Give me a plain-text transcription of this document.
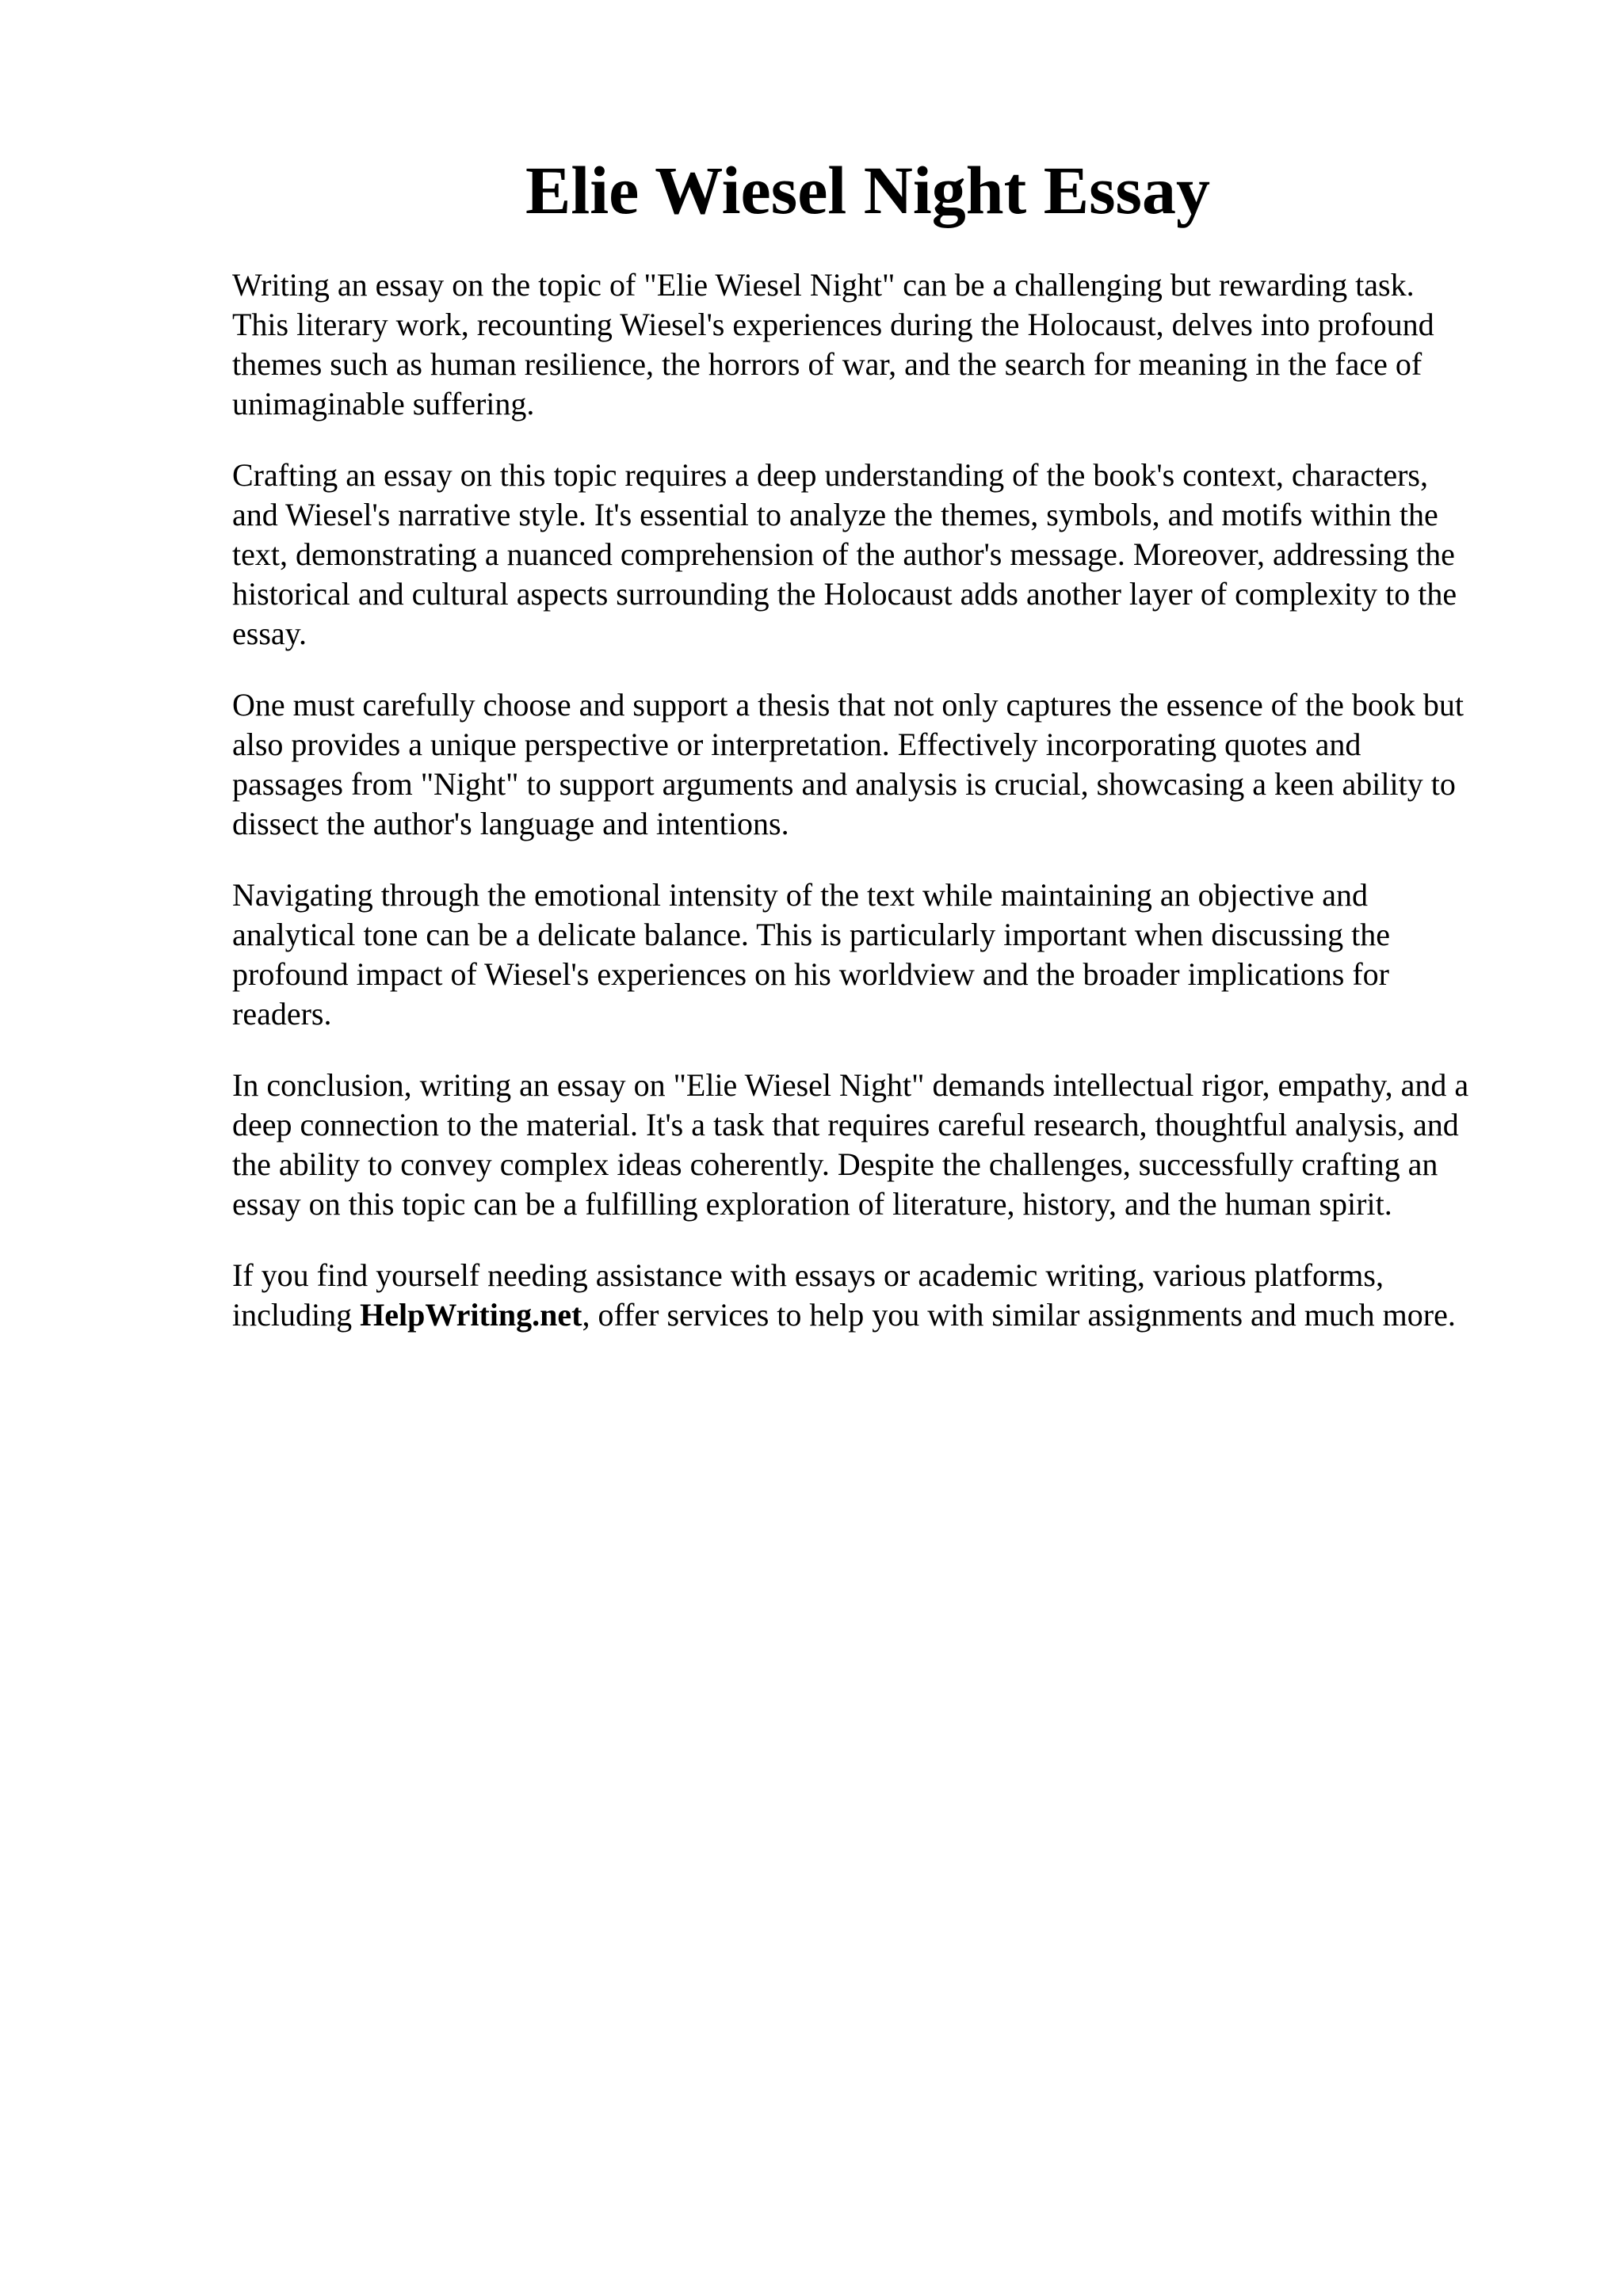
Elie Wiesel Night Essay

Writing an essay on the topic of "Elie Wiesel Night" can be a challenging but rewarding task.
This literary work, recounting Wiesel's experiences during the Holocaust, delves into profound
themes such as human resilience, the horrors of war, and the search for meaning in the face of
unimaginable suffering.

Crafting an essay on this topic requires a deep understanding of the book's context, characters,
and Wiesel's narrative style. It's essential to analyze the themes, symbols, and motifs within the
text, demonstrating a nuanced comprehension of the author's message. Moreover, addressing the
historical and cultural aspects surrounding the Holocaust adds another layer of complexity to the
essay.

One must carefully choose and support a thesis that not only captures the essence of the book but
also provides a unique perspective or interpretation. Effectively incorporating quotes and
passages from "Night" to support arguments and analysis is crucial, showcasing a keen ability to
dissect the author's language and intentions.

Navigating through the emotional intensity of the text while maintaining an objective and
analytical tone can be a delicate balance. This is particularly important when discussing the
profound impact of Wiesel's experiences on his worldview and the broader implications for
readers.

In conclusion, writing an essay on "Elie Wiesel Night" demands intellectual rigor, empathy, and a
deep connection to the material. It's a task that requires careful research, thoughtful analysis, and
the ability to convey complex ideas coherently. Despite the challenges, successfully crafting an
essay on this topic can be a fulfilling exploration of literature, history, and the human spirit.

If you find yourself needing assistance with essays or academic writing, various platforms,
including HelpWriting.net, offer services to help you with similar assignments and much more.
